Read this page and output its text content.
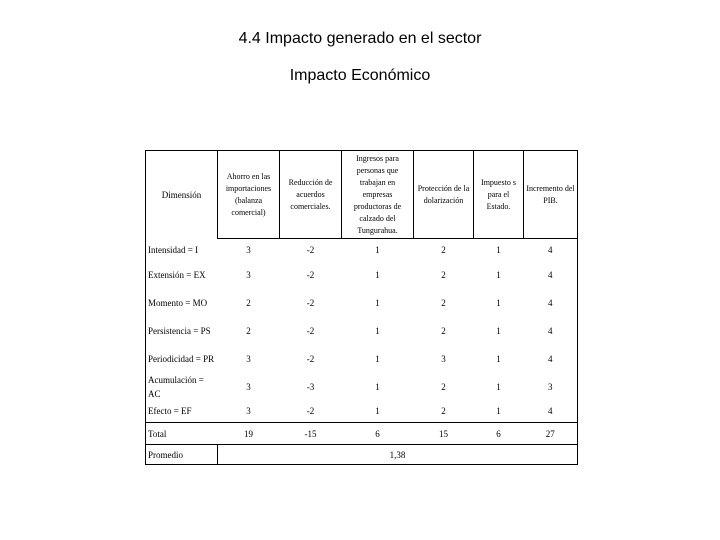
4.4 Impacto generado en el sector
Impacto Económico
Dimensión	Ahorro en las importaciones (balanza comercial)	Reducción de acuerdos comerciales.	Ingresos para personas que trabajan en empresas productoras de calzado del Tungurahua.	Protección de la dolarización	Impuesto s para el Estado.	Incremento del PIB.
Intensidad = I	3	-2	1	2	1	4
Extensión = EX	3	-2	1	2	1	4
Momento = MO	2	-2	1	2	1	4
Persistencia = PS	2	-2	1	2	1	4
Periodicidad = PR	3	-2	1	3	1	4
Acumulación = AC	3	-3	1	2	1	3
Efecto = EF	3	-2	1	2	1	4
Total	19	-15	6	15	6	27
Promedio	1,38					
